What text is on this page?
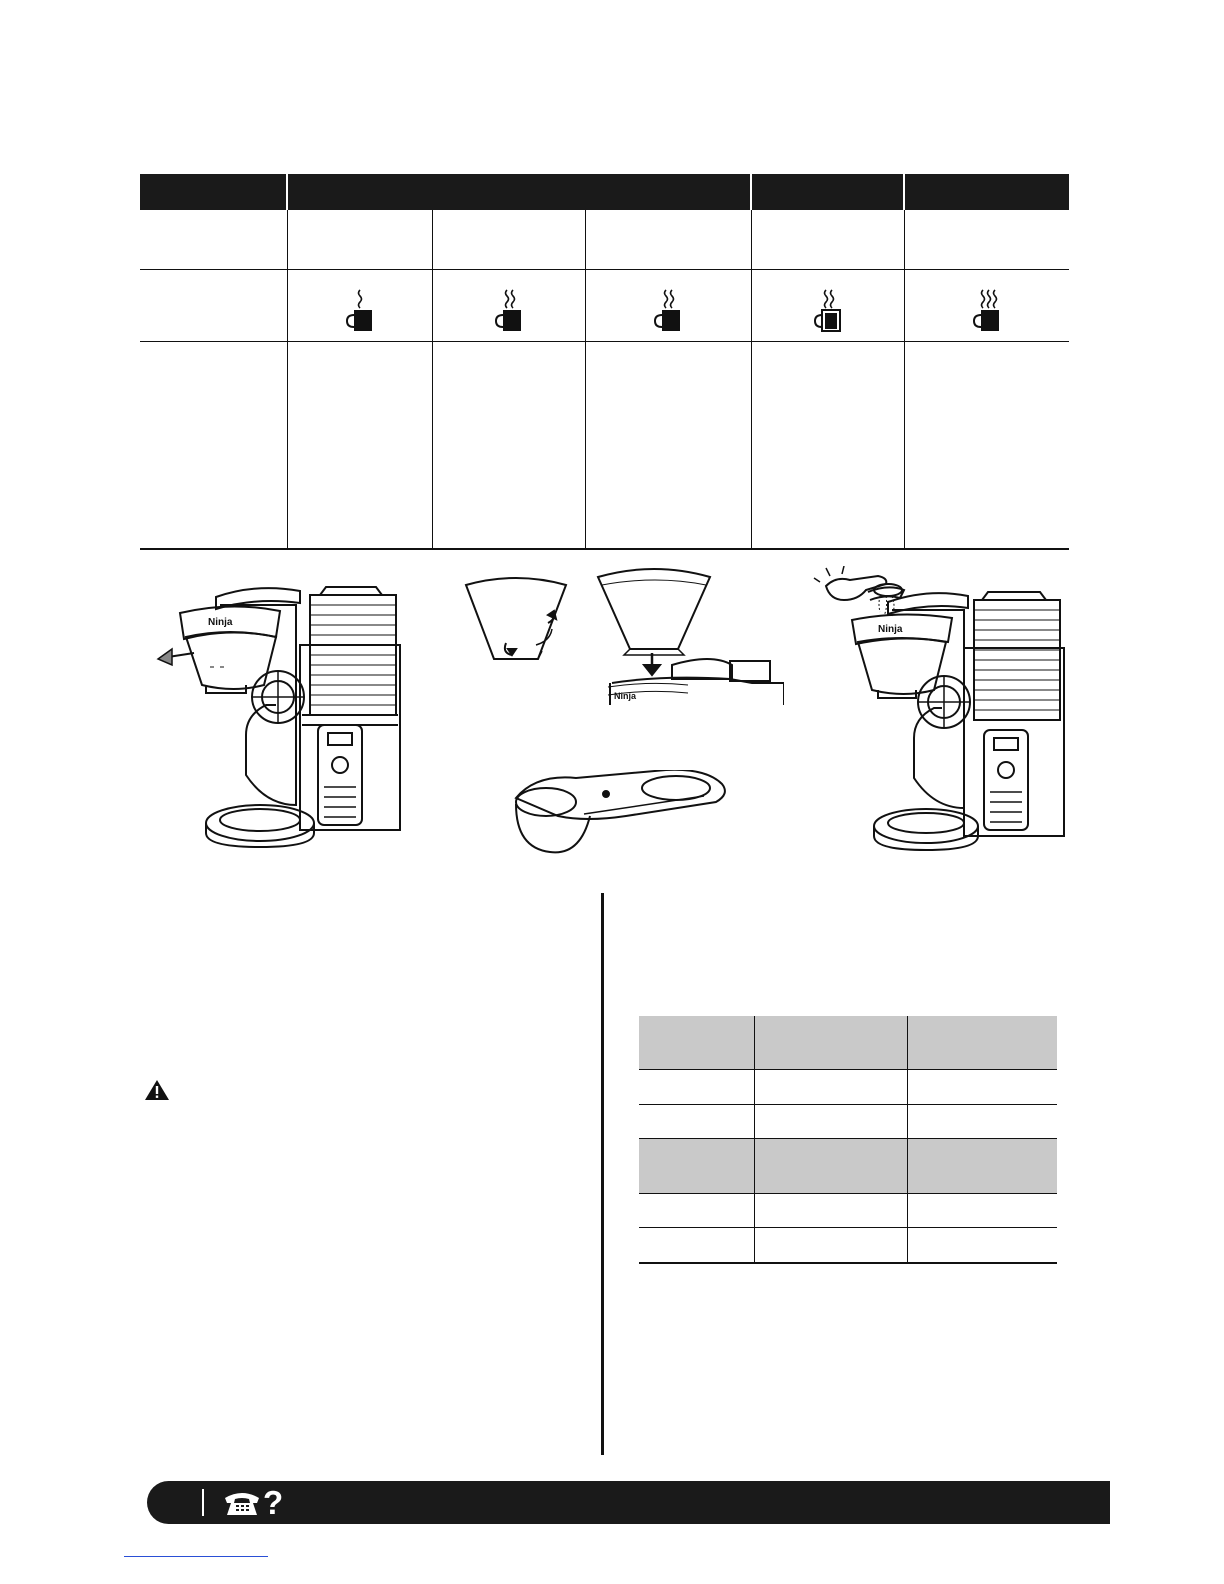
Ninja
Ninja
Ninja

?
